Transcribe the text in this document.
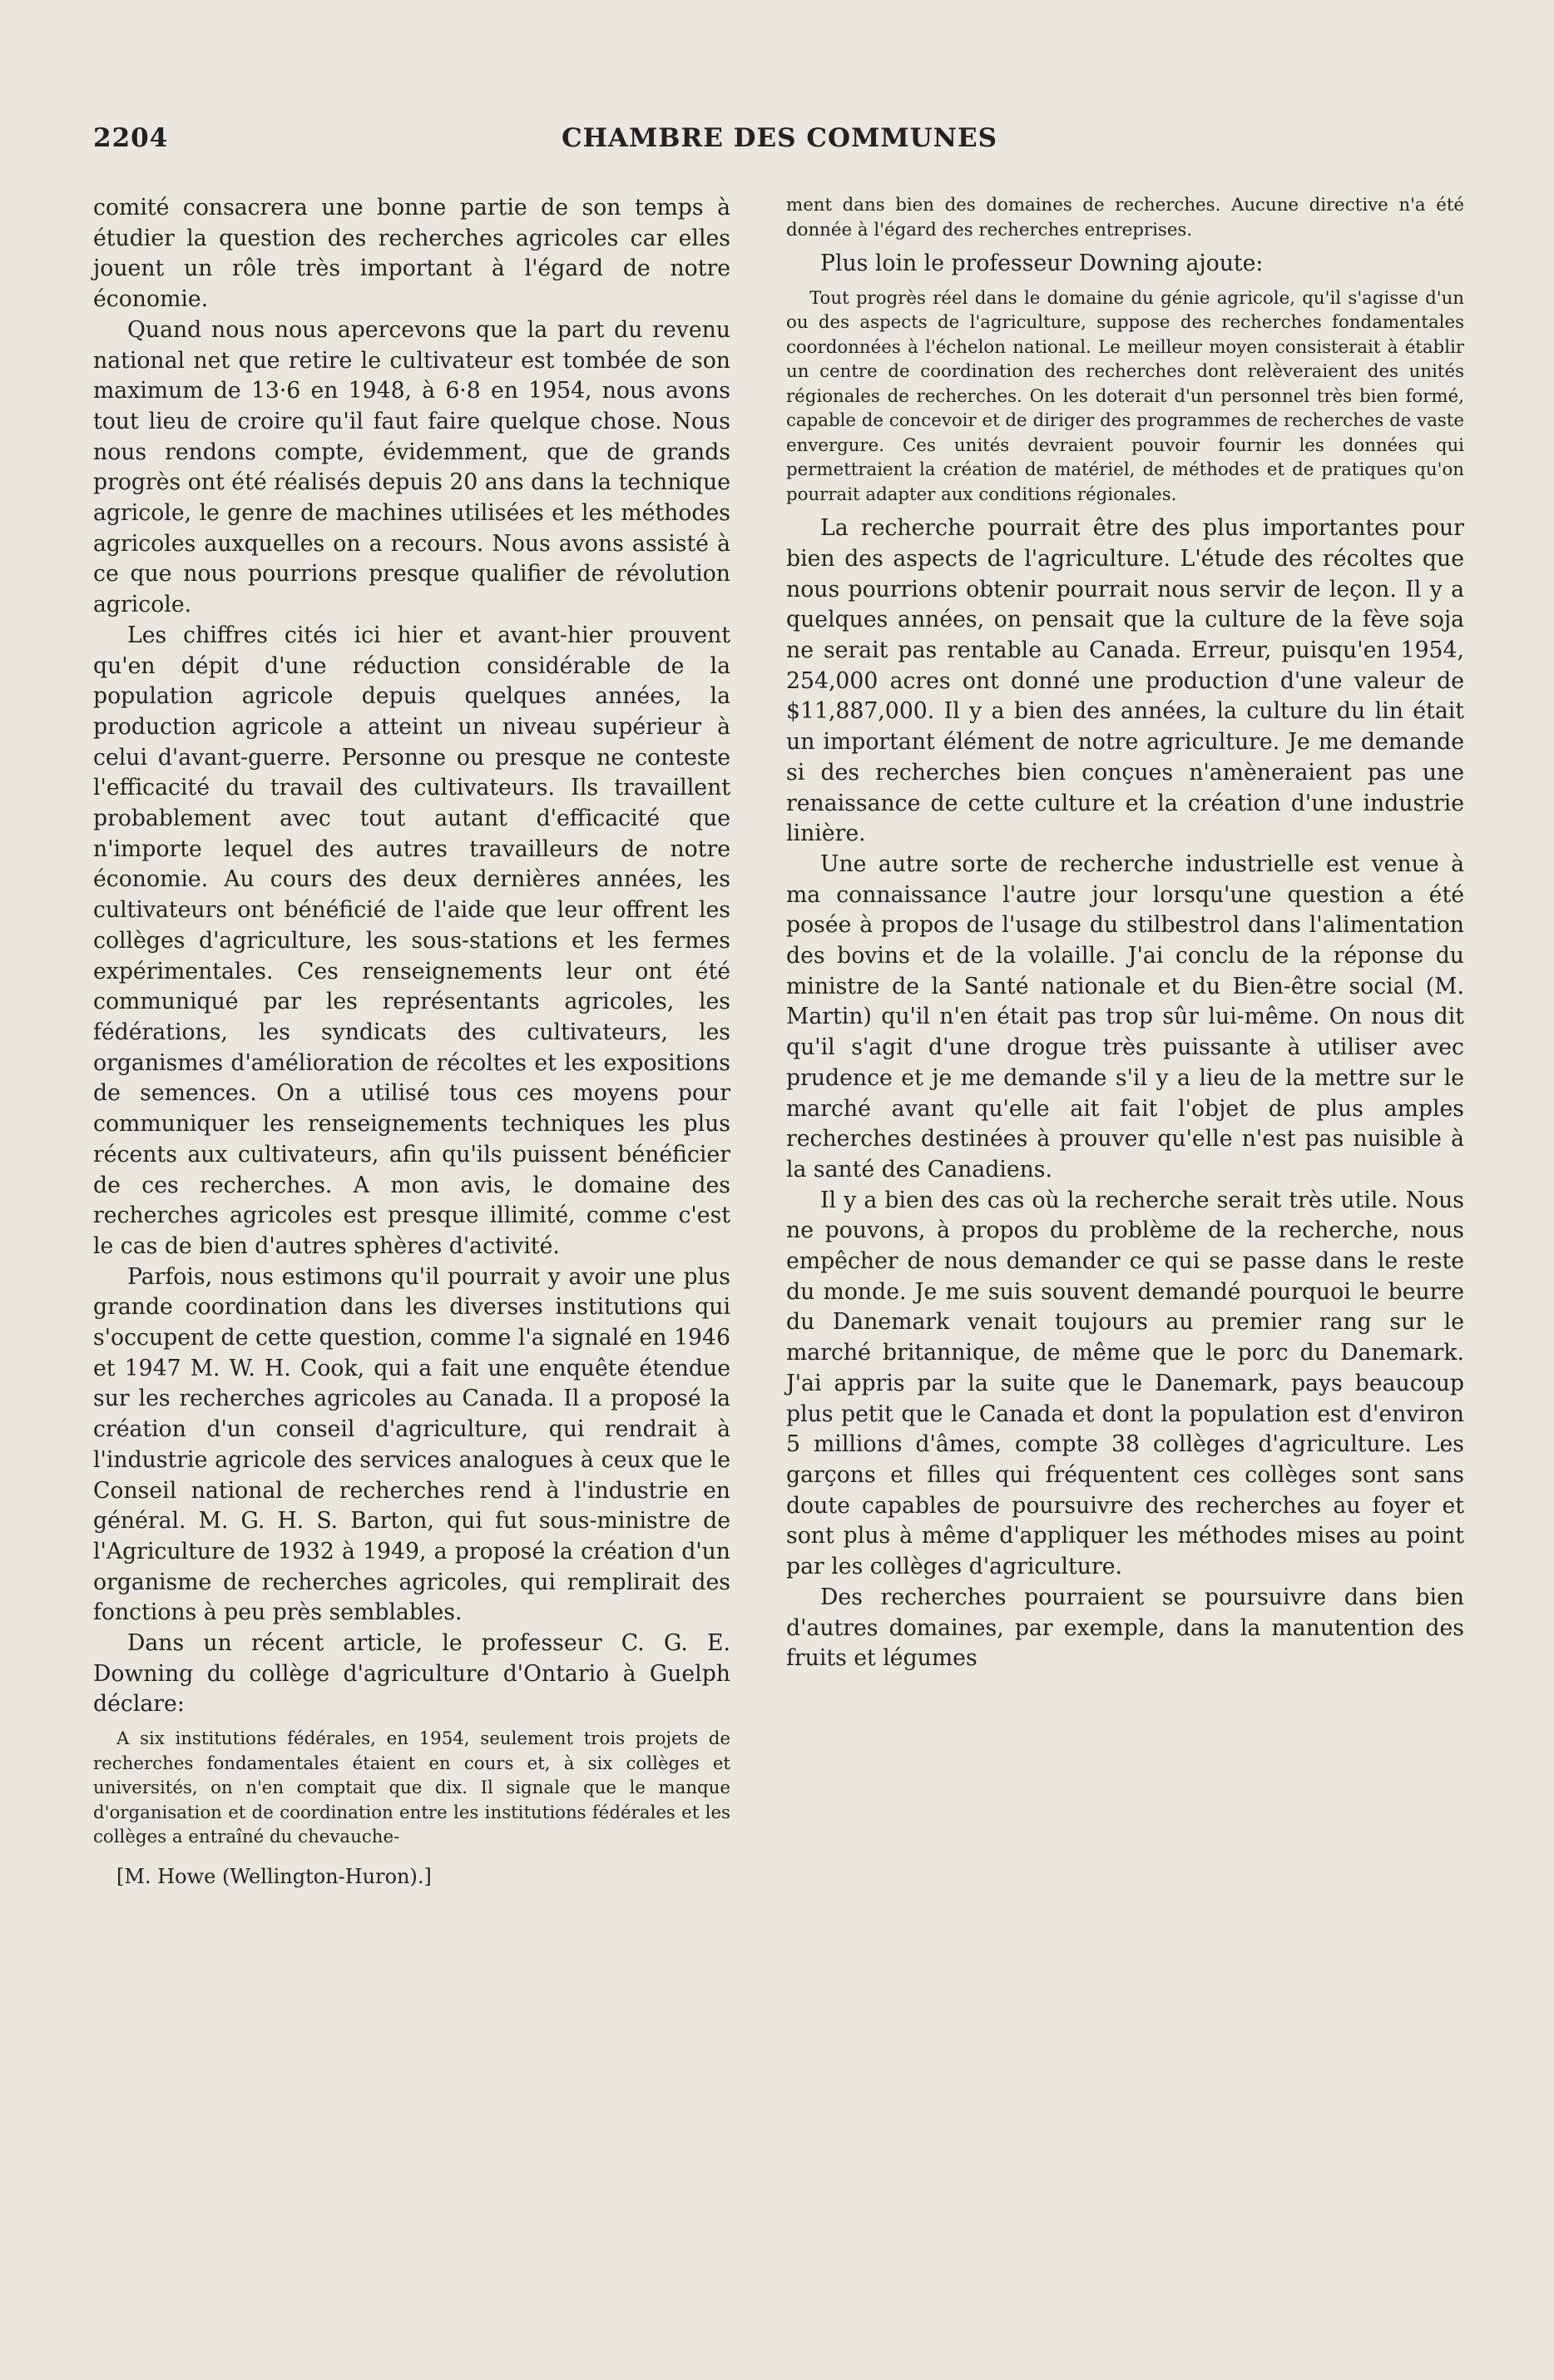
2204	CHAMBRE DES COMMUNES

comité consacrera une bonne partie de son temps à étudier la question des recherches agricoles car elles jouent un rôle très important à l'égard de notre économie.

Quand nous nous apercevons que la part du revenu national net que retire le cultivateur est tombée de son maximum de 13·6 en 1948, à 6·8 en 1954, nous avons tout lieu de croire qu'il faut faire quelque chose. Nous nous rendons compte, évidemment, que de grands progrès ont été réalisés depuis 20 ans dans la technique agricole, le genre de machines utilisées et les méthodes agricoles auxquelles on a recours. Nous avons assisté à ce que nous pourrions presque qualifier de révolution agricole.

Les chiffres cités ici hier et avant-hier prouvent qu'en dépit d'une réduction considérable de la population agricole depuis quelques années, la production agricole a atteint un niveau supérieur à celui d'avant-guerre. Personne ou presque ne conteste l'efficacité du travail des cultivateurs. Ils travaillent probablement avec tout autant d'efficacité que n'importe lequel des autres travailleurs de notre économie. Au cours des deux dernières années, les cultivateurs ont bénéficié de l'aide que leur offrent les collèges d'agriculture, les sous-stations et les fermes expérimentales. Ces renseignements leur ont été communiqué par les représentants agricoles, les fédérations, les syndicats des cultivateurs, les organismes d'amélioration de récoltes et les expositions de semences. On a utilisé tous ces moyens pour communiquer les renseignements techniques les plus récents aux cultivateurs, afin qu'ils puissent bénéficier de ces recherches. A mon avis, le domaine des recherches agricoles est presque illimité, comme c'est le cas de bien d'autres sphères d'activité.

Parfois, nous estimons qu'il pourrait y avoir une plus grande coordination dans les diverses institutions qui s'occupent de cette question, comme l'a signalé en 1946 et 1947 M. W. H. Cook, qui a fait une enquête étendue sur les recherches agricoles au Canada. Il a proposé la création d'un conseil d'agriculture, qui rendrait à l'industrie agricole des services analogues à ceux que le Conseil national de recherches rend à l'industrie en général. M. G. H. S. Barton, qui fut sous-ministre de l'Agriculture de 1932 à 1949, a proposé la création d'un organisme de recherches agricoles, qui remplirait des fonctions à peu près semblables.

Dans un récent article, le professeur C. G. E. Downing du collège d'agriculture d'Ontario à Guelph déclare:

A six institutions fédérales, en 1954, seulement trois projets de recherches fondamentales étaient en cours et, à six collèges et universités, on n'en comptait que dix. Il signale que le manque d'organisation et de coordination entre les institutions fédérales et les collèges a entraîné du chevauche-

[M. Howe (Wellington-Huron).]

ment dans bien des domaines de recherches. Aucune directive n'a été donnée à l'égard des recherches entreprises.

Plus loin le professeur Downing ajoute:

Tout progrès réel dans le domaine du génie agricole, qu'il s'agisse d'un ou des aspects de l'agriculture, suppose des recherches fondamentales coordonnées à l'échelon national. Le meilleur moyen consisterait à établir un centre de coordination des recherches dont relèveraient des unités régionales de recherches. On les doterait d'un personnel très bien formé, capable de concevoir et de diriger des programmes de recherches de vaste envergure. Ces unités devraient pouvoir fournir les données qui permettraient la création de matériel, de méthodes et de pratiques qu'on pourrait adapter aux conditions régionales.

La recherche pourrait être des plus importantes pour bien des aspects de l'agriculture. L'étude des récoltes que nous pourrions obtenir pourrait nous servir de leçon. Il y a quelques années, on pensait que la culture de la fève soja ne serait pas rentable au Canada. Erreur, puisqu'en 1954, 254,000 acres ont donné une production d'une valeur de $11,887,000. Il y a bien des années, la culture du lin était un important élément de notre agriculture. Je me demande si des recherches bien conçues n'amèneraient pas une renaissance de cette culture et la création d'une industrie linière.

Une autre sorte de recherche industrielle est venue à ma connaissance l'autre jour lorsqu'une question a été posée à propos de l'usage du stilbestrol dans l'alimentation des bovins et de la volaille. J'ai conclu de la réponse du ministre de la Santé nationale et du Bien-être social (M. Martin) qu'il n'en était pas trop sûr lui-même. On nous dit qu'il s'agit d'une drogue très puissante à utiliser avec prudence et je me demande s'il y a lieu de la mettre sur le marché avant qu'elle ait fait l'objet de plus amples recherches destinées à prouver qu'elle n'est pas nuisible à la santé des Canadiens.

Il y a bien des cas où la recherche serait très utile. Nous ne pouvons, à propos du problème de la recherche, nous empêcher de nous demander ce qui se passe dans le reste du monde. Je me suis souvent demandé pourquoi le beurre du Danemark venait toujours au premier rang sur le marché britannique, de même que le porc du Danemark. J'ai appris par la suite que le Danemark, pays beaucoup plus petit que le Canada et dont la population est d'environ 5 millions d'âmes, compte 38 collèges d'agriculture. Les garçons et filles qui fréquentent ces collèges sont sans doute capables de poursuivre des recherches au foyer et sont plus à même d'appliquer les méthodes mises au point par les collèges d'agriculture.

Des recherches pourraient se poursuivre dans bien d'autres domaines, par exemple, dans la manutention des fruits et légumes
